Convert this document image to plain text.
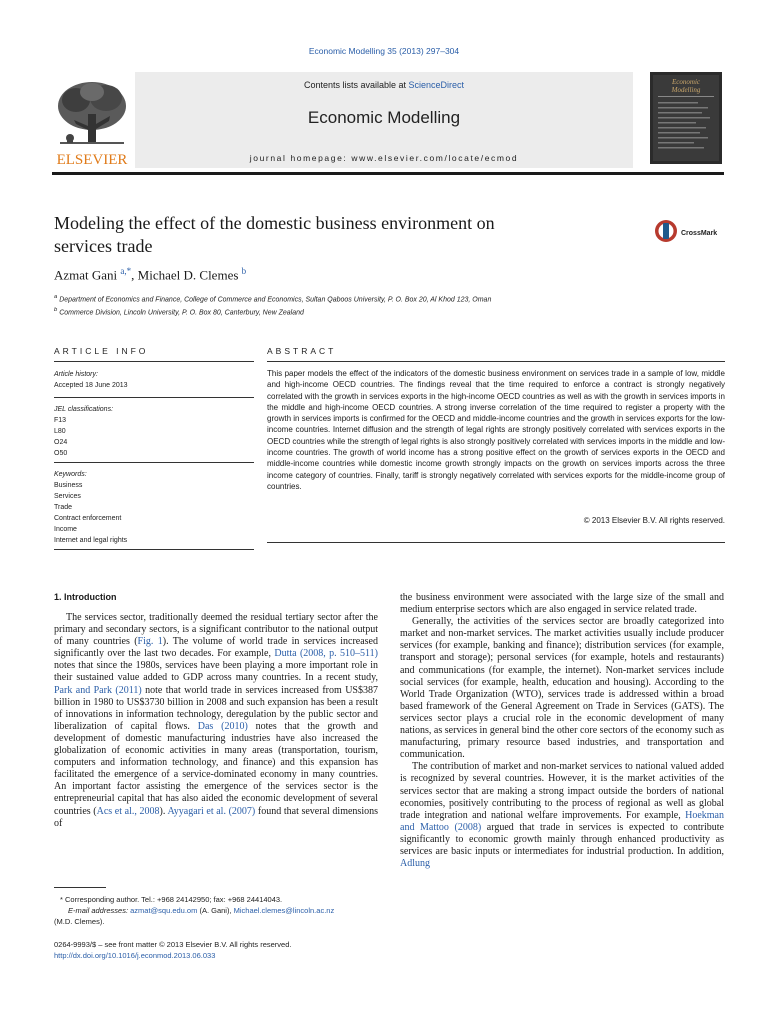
Economic Modelling 35 (2013) 297–304
Contents lists available at ScienceDirect
Economic Modelling
journal homepage: www.elsevier.com/locate/ecmod
ELSEVIER
Economic
Modelling
Modeling the effect of the domestic business environment on
services trade
CrossMark
Azmat Gani $^{a,*}$, Michael D. Clemes $^b$
$^a$ Department of Economics and Finance, College of Commerce and Economics, Sultan Qaboos University, P. O. Box 20, Al Khod 123, Oman
$^b$ Commerce Division, Lincoln University, P. O. Box 80, Canterbury, New Zealand
ARTICLE INFO	ABSTRACT
Article history:
Accepted 18 June 2013
JEL classifications:
F13
L80
O24
O50
Keywords:
Business
Services
Trade
Contract enforcement
Income
Internet and legal rights
This paper models the effect of the indicators of the domestic business environment on services trade in a sample of low, middle and high-income OECD countries. The findings reveal that the time required to enforce a contract is strongly negatively correlated with the growth in services exports in the high-income OECD countries as well as with the growth in services imports in the middle and high-income OECD countries. A strong inverse correlation of the time required to register a property with the growth in services imports is confirmed for the OECD and middle-income countries and the growth in services exports for the low-income countries. Internet diffusion and the strength of legal rights are strongly positively correlated with services exports in the OECD countries while the strength of legal rights is also strongly positively correlated with services imports in the middle and low-income countries. The growth of world income has a strong positive effect on the growth of services exports in the OECD and middle-income countries while domestic income growth strongly impacts on the growth on services imports across the three income category of countries. Finally, tariff is strongly negatively correlated with services exports for the middle-income group of countries.
© 2013 Elsevier B.V. All rights reserved.
1. Introduction

The services sector, traditionally deemed the residual tertiary sector after the primary and secondary sectors, is a significant contributor to the national output of many countries (Fig. 1). The volume of world trade in services increased significantly over the last two decades. For example, Dutta (2008, p. 510–511) notes that since the 1980s, services have been playing a more important role in their sustained value added to GDP across many countries. In a recent study, Park and Park (2011) note that world trade in services increased from US$387 billion in 1980 to US$3730 billion in 2008 and such expansion has been a result of innovations in information technology, deregulation by the public sector and liberalization of capital flows. Das (2010) notes that the growth and development of domestic manufacturing industries have also increased the globalization of economic activities in many areas (transportation, tourism, computers and information technology, and finance) and this expansion has facilitated the emergence of a service-dominated economy in many countries. An important factor assisting the emergence of the services sector is the entrepreneurial capital that has also aided the economic development of several countries (Acs et al., 2008). Ayyagari et al. (2007) found that several dimensions of

the business environment were associated with the large size of the small and medium enterprise sectors which are also engaged in service related trade.

Generally, the activities of the services sector are broadly categorized into market and non-market services. The market activities usually include producer services (for example, banking and finance); distribution services (for example, transport and storage); personal services (for example, hotels and restaurants) and communications (for example, the internet). Non-market services include social services (for example, health, education and housing). According to the World Trade Organization (WTO), services trade is addressed within a broad based framework of the General Agreement on Trade in Services (GATS). The services sector plays a crucial role in the economic development of many nations, as services in general bind the other core sectors of the economy such as manufacturing, primary resource based industries, and transportation and communication.

The contribution of market and non-market services to national valued added is recognized by several countries. However, it is the market activities of the services sector that are making a strong impact outside the borders of national economies, positively contributing to the process of regional as well as global trade integration and national welfare improvements. For example, Hoekman and Mattoo (2008) argued that trade in services is expected to contribute significantly to economic growth mainly through enhanced productivity as services are basic inputs or intermediates for industrial production. In addition, Adlung

* Corresponding author. Tel.: +968 24142950; fax: +968 24414043.
E-mail addresses: azmat@squ.edu.om (A. Gani), Michael.clemes@lincoln.ac.nz
(M.D. Clemes).
0264-9993/$ – see front matter © 2013 Elsevier B.V. All rights reserved.
http://dx.doi.org/10.1016/j.econmod.2013.06.033
